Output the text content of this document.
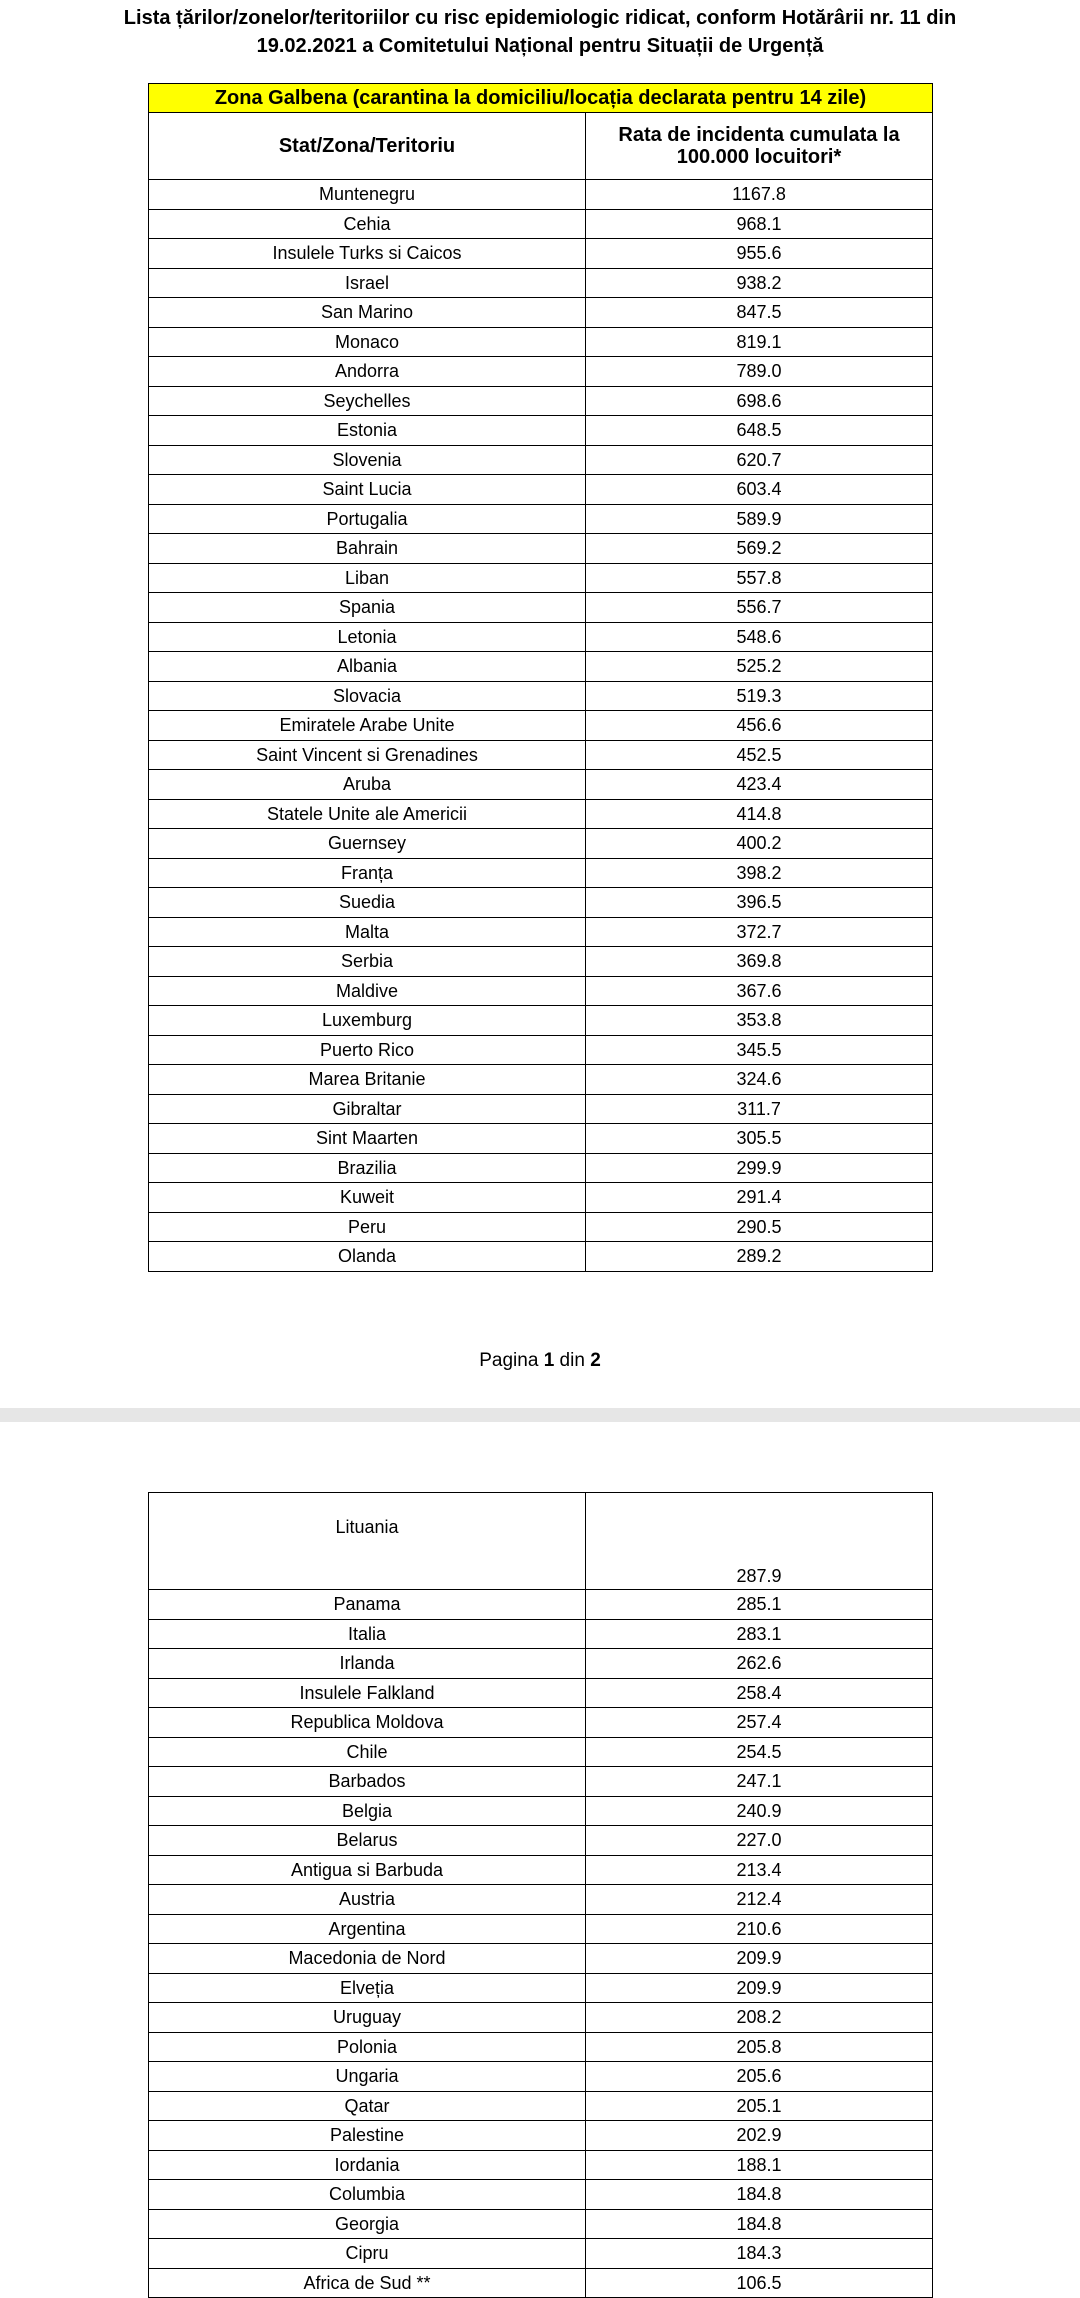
Lista țărilor/zonelor/teritoriilor cu risc epidemiologic ridicat, conform Hotărârii nr. 11 din
19.02.2021 a Comitetului Național pentru Situații de Urgență
Zona Galbena (carantina la domiciliu/locația declarata pentru 14 zile)	
Stat/Zona/Teritoriu	Rata de incidenta cumulata la
100.000 locuitori*

Muntenegru	1167.8
Cehia	968.1
Insulele Turks si Caicos	955.6
Israel	938.2
San Marino	847.5
Monaco	819.1
Andorra	789.0
Seychelles	698.6
Estonia	648.5
Slovenia	620.7
Saint Lucia	603.4
Portugalia	589.9
Bahrain	569.2
Liban	557.8
Spania	556.7
Letonia	548.6
Albania	525.2
Slovacia	519.3
Emiratele Arabe Unite	456.6
Saint Vincent si Grenadines	452.5
Aruba	423.4
Statele Unite ale Americii	414.8
Guernsey	400.2
Franța	398.2
Suedia	396.5
Malta	372.7
Serbia	369.8
Maldive	367.6
Luxemburg	353.8
Puerto Rico	345.5
Marea Britanie	324.6
Gibraltar	311.7
Sint Maarten	305.5
Brazilia	299.9
Kuweit	291.4
Peru	290.5
Olanda	289.2
Pagina 1 din 2
Lituania	287.9
Panama	285.1
Italia	283.1
Irlanda	262.6
Insulele Falkland	258.4
Republica Moldova	257.4
Chile	254.5
Barbados	247.1
Belgia	240.9
Belarus	227.0
Antigua si Barbuda	213.4
Austria	212.4
Argentina	210.6
Macedonia de Nord	209.9
Elveția	209.9
Uruguay	208.2
Polonia	205.8
Ungaria	205.6
Qatar	205.1
Palestine	202.9
Iordania	188.1
Columbia	184.8
Georgia	184.8
Cipru	184.3
Africa de Sud **	106.5
